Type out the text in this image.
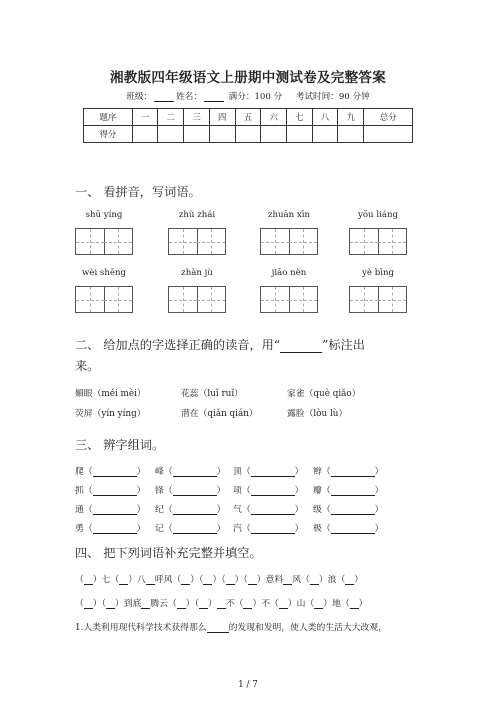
湘教版四年级语文上册期中测试卷及完整答案
班级：	姓名：	满分：100 分 考试时间：90 分钟
题序	一	二	三	四	五	六	七	八	九	总分
得分										
一、 看拼音，写词语。
shū yíng	zhù zhái	zhuān xīn	yōu liáng
wèi shēng	zhàn jù	jiāo nèn	yè bīng
二、 给加点的字选择正确的读音，用“	”标注出
来。
媚眼（méi mèi）	花蕊（luǐ ruǐ）	家雀（què qiǎo）
荧屏（yín yíng）	潜在（qiǎn qián）	露脸（lòu lù）
三、 辨字组词。
爬（	） 峰（	） 顶（	） 辫（	）
抓（	） 锋（	） 项（	） 瓣（	）
通（	） 纪（	） 气（	） 级（	）
勇（	） 记（	） 汽（	） 极（	）
四、 把下列词语补充完整并填空。
（ ）七（ ）八 呼风（ ）（ ）（ ）（ ）意料 风（ ）浪（ ）
（ ）（ ）到底 腾云（ ）（ ） 不（ ）不（ ）山（ ）地（ ）
1.人类利用现代科学技术获得那么	的发现和发明，使人类的生活大大改观，
1 / 7
